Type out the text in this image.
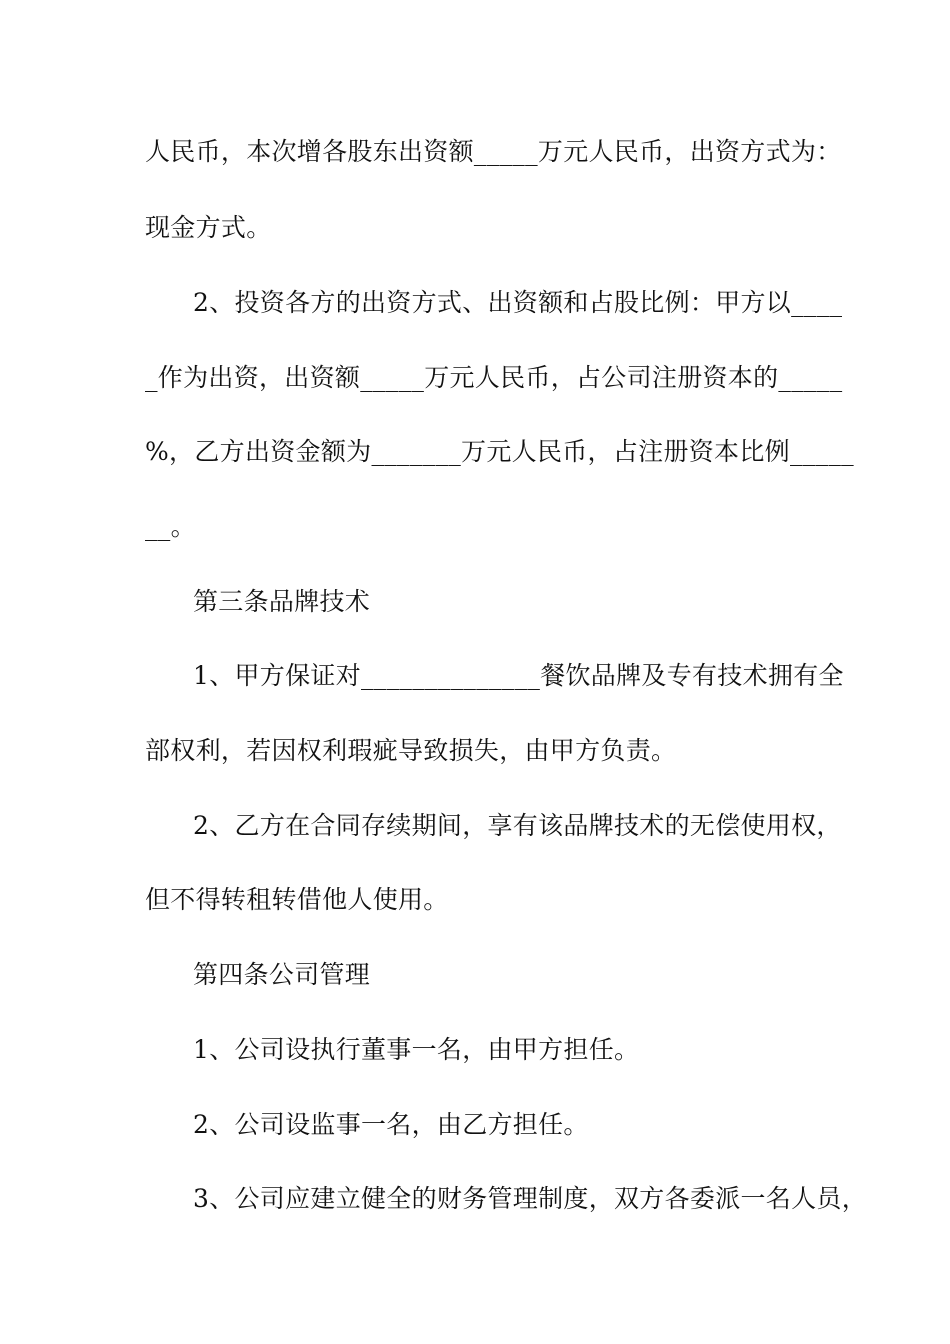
人民币，本次增各股东出资额_____万元人民币，出资方式为：
现金方式。
2、投资各方的出资方式、出资额和占股比例：甲方以____
_作为出资，出资额_____万元人民币，占公司注册资本的_____
%，乙方出资金额为_______万元人民币，占注册资本比例_____
__。
第三条品牌技术
1、甲方保证对______________餐饮品牌及专有技术拥有全
部权利，若因权利瑕疵导致损失，由甲方负责。
2、乙方在合同存续期间，享有该品牌技术的无偿使用权，
但不得转租转借他人使用。
第四条公司管理
1、公司设执行董事一名，由甲方担任。
2、公司设监事一名，由乙方担任。
3、公司应建立健全的财务管理制度，双方各委派一名人员，
